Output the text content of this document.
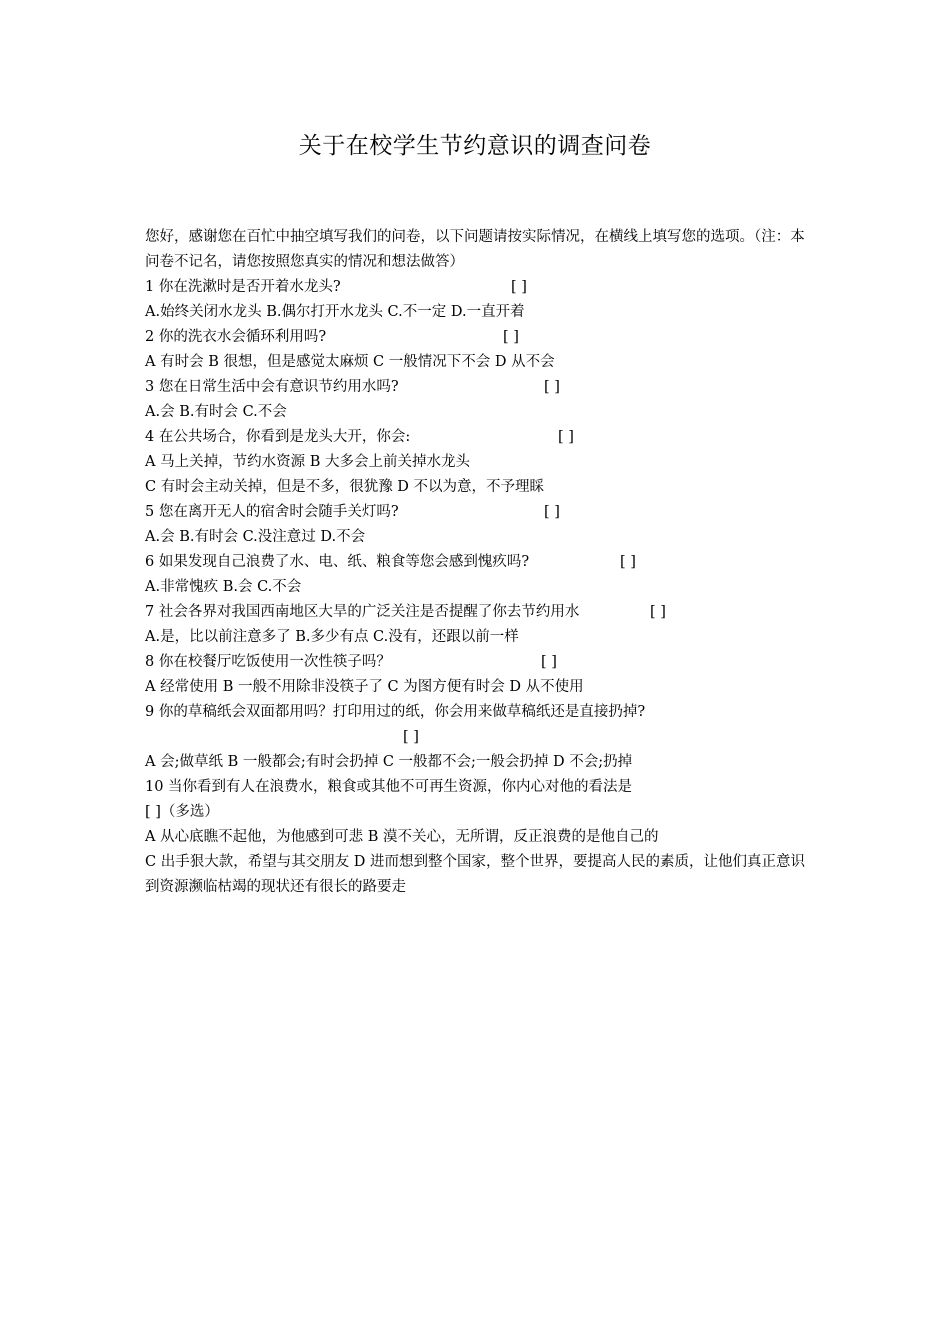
关于在校学生节约意识的调查问卷
您好，感谢您在百忙中抽空填写我们的问卷，以下问题请按实际情况，在横线上填写您的选项。（注：本问卷不记名，请您按照您真实的情况和想法做答）
1 你在洗漱时是否开着水龙头?	[ ]
A.始终关闭水龙头 B.偶尔打开水龙头 C.不一定 D.一直开着
2 你的洗衣水会循环利用吗?	[ ]
A 有时会 B 很想，但是感觉太麻烦 C 一般情况下不会 D 从不会
3 您在日常生活中会有意识节约用水吗?	[ ]
A.会 B.有时会 C.不会
4 在公共场合，你看到是龙头大开，你会:	[ ]
A 马上关掉，节约水资源 B 大多会上前关掉水龙头
C 有时会主动关掉，但是不多，很犹豫 D 不以为意，不予理睬
5 您在离开无人的宿舍时会随手关灯吗?	[ ]
A.会 B.有时会 C.没注意过 D.不会
6 如果发现自己浪费了水、电、纸、粮食等您会感到愧疚吗?	[ ]
A.非常愧疚 B.会 C.不会
7 社会各界对我国西南地区大旱的广泛关注是否提醒了你去节约用水	[ ]
A.是，比以前注意多了 B.多少有点 C.没有，还跟以前一样
8 你在校餐厅吃饭使用一次性筷子吗？	[ ]
A 经常使用 B 一般不用除非没筷子了 C 为图方便有时会 D 从不使用
9 你的草稿纸会双面都用吗？打印用过的纸，你会用来做草稿纸还是直接扔掉?
[ ]
A 会;做草纸 B 一般都会;有时会扔掉 C 一般都不会;一般会扔掉 D 不会;扔掉
10 当你看到有人在浪费水，粮食或其他不可再生资源，你内心对他的看法是
[ ]（多选）
A 从心底瞧不起他，为他感到可悲 B 漠不关心，无所谓，反正浪费的是他自己的
C 出手狠大款，希望与其交朋友 D 进而想到整个国家，整个世界，要提高人民的素质，让他们真正意识到资源濒临枯竭的现状还有很长的路要走
